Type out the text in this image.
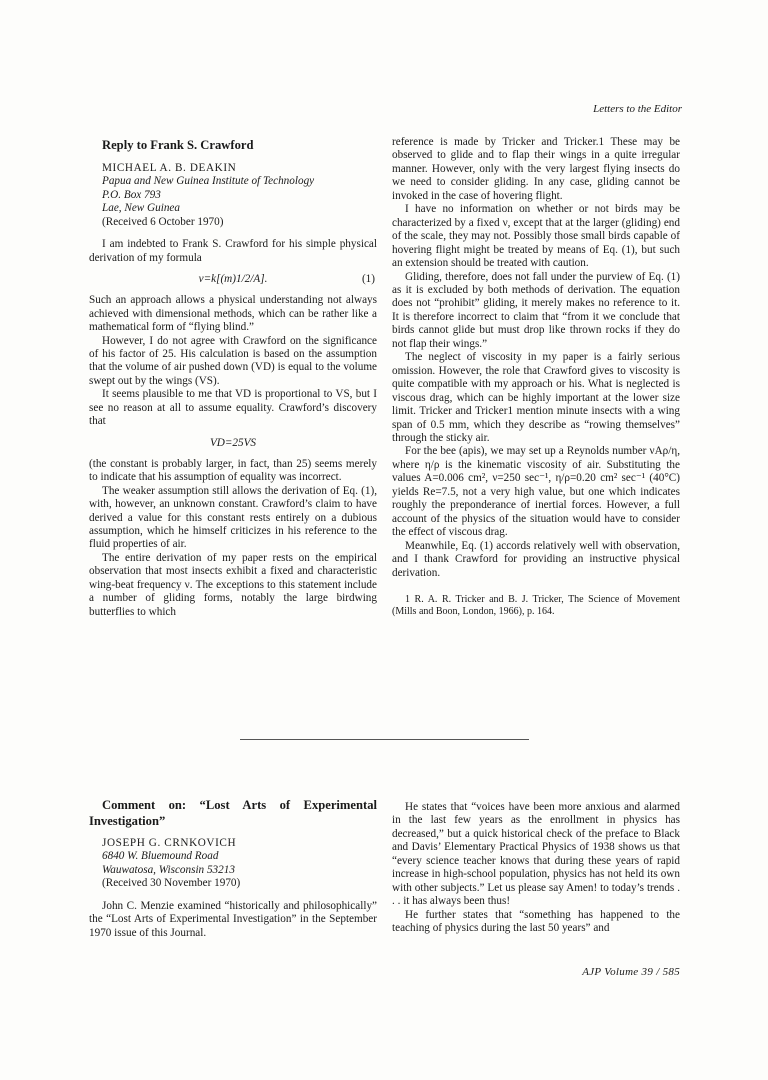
Letters to the Editor

Reply to Frank S. Crawford

MICHAEL A. B. DEAKIN

Papua and New Guinea Institute of Technology

P.O. Box 793

Lae, New Guinea

(Received 6 October 1970)

I am indebted to Frank S. Crawford for his simple physical derivation of my formula

ν=k[(m)1/2/A].	(1)

Such an approach allows a physical understanding not always achieved with dimensional methods, which can be rather like a mathematical form of “flying blind.”

However, I do not agree with Crawford on the significance of his factor of 25. His calculation is based on the assumption that the volume of air pushed down (VD) is equal to the volume swept out by the wings (VS).

It seems plausible to me that VD is proportional to VS, but I see no reason at all to assume equality. Crawford’s discovery that

VD=25VS

(the constant is probably larger, in fact, than 25) seems merely to indicate that his assumption of equality was incorrect.

The weaker assumption still allows the derivation of Eq. (1), with, however, an unknown constant. Crawford’s claim to have derived a value for this constant rests entirely on a dubious assumption, which he himself criticizes in his reference to the fluid properties of air.

The entire derivation of my paper rests on the empirical observation that most insects exhibit a fixed and characteristic wing-beat frequency ν. The exceptions to this statement include a number of gliding forms, notably the large birdwing butterflies to which

reference is made by Tricker and Tricker.1 These may be observed to glide and to flap their wings in a quite irregular manner. However, only with the very largest flying insects do we need to consider gliding. In any case, gliding cannot be invoked in the case of hovering flight.

I have no information on whether or not birds may be characterized by a fixed ν, except that at the larger (gliding) end of the scale, they may not. Possibly those small birds capable of hovering flight might be treated by means of Eq. (1), but such an extension should be treated with caution.

Gliding, therefore, does not fall under the purview of Eq. (1) as it is excluded by both methods of derivation. The equation does not “prohibit” gliding, it merely makes no reference to it. It is therefore incorrect to claim that “from it we conclude that birds cannot glide but must drop like thrown rocks if they do not flap their wings.”

The neglect of viscosity in my paper is a fairly serious omission. However, the role that Crawford gives to viscosity is quite compatible with my approach or his. What is neglected is viscous drag, which can be highly important at the lower size limit. Tricker and Tricker1 mention minute insects with a wing span of 0.5 mm, which they describe as “rowing themselves” through the sticky air.

For the bee (apis), we may set up a Reynolds number νAρ/η, where η/ρ is the kinematic viscosity of air. Substituting the values A=0.006 cm², ν=250 sec⁻¹, η/ρ=0.20 cm² sec⁻¹ (40°C) yields Re=7.5, not a very high value, but one which indicates roughly the preponderance of inertial forces. However, a full account of the physics of the situation would have to consider the effect of viscous drag.

Meanwhile, Eq. (1) accords relatively well with observation, and I thank Crawford for providing an instructive physical derivation.

1 R. A. R. Tricker and B. J. Tricker, The Science of Movement (Mills and Boon, London, 1966), p. 164.

Comment on: “Lost Arts of Experimental Investigation”

JOSEPH G. CRNKOVICH

6840 W. Bluemound Road

Wauwatosa, Wisconsin 53213

(Received 30 November 1970)

John C. Menzie examined “historically and philosophically” the “Lost Arts of Experimental Investigation” in the September 1970 issue of this Journal.

He states that “voices have been more anxious and alarmed in the last few years as the enrollment in physics has decreased,” but a quick historical check of the preface to Black and Davis’ Elementary Practical Physics of 1938 shows us that “every science teacher knows that during these years of rapid increase in high-school population, physics has not held its own with other subjects.” Let us please say Amen! to today’s trends . . . it has always been thus!

He further states that “something has happened to the teaching of physics during the last 50 years” and

AJP Volume 39 / 585
